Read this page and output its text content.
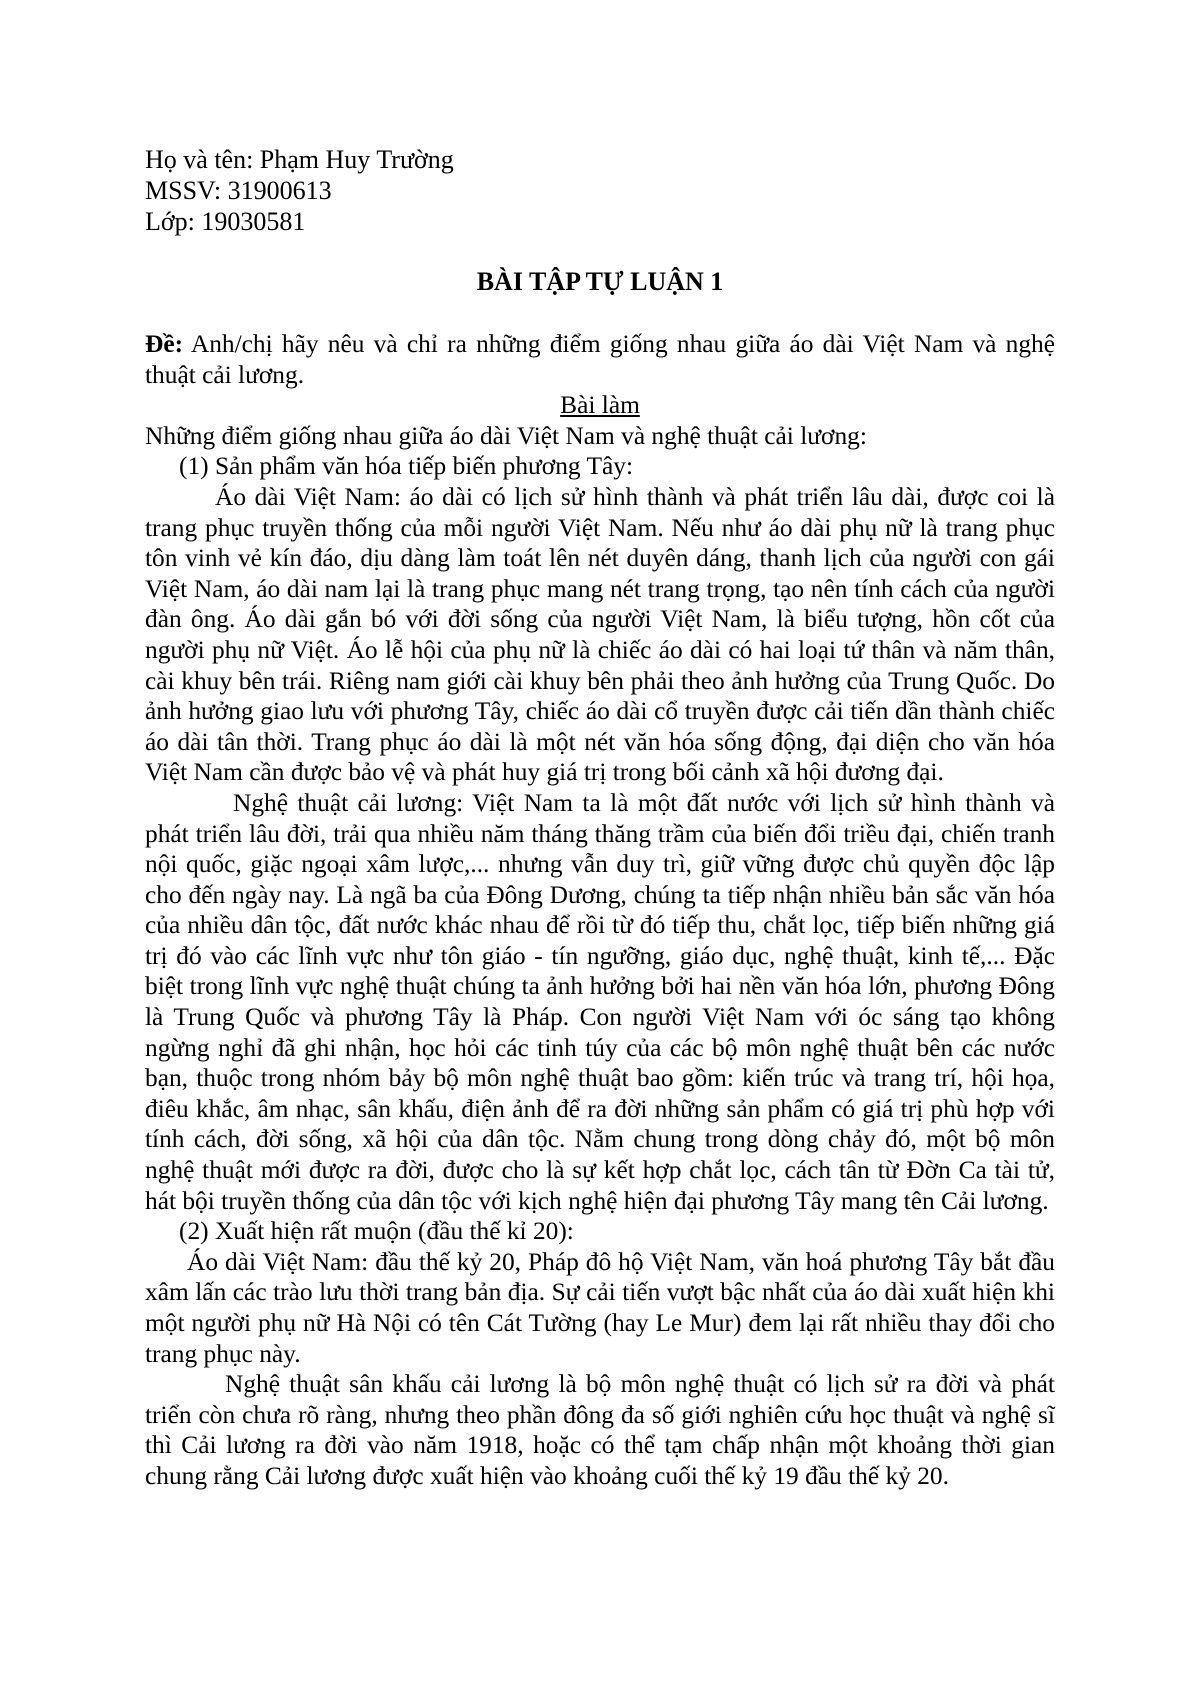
Họ và tên: Phạm Huy Trường

MSSV: 31900613

Lớp: 19030581

BÀI TẬP TỰ LUẬN 1

Đề: Anh/chị hãy nêu và chỉ ra những điểm giống nhau giữa áo dài Việt Nam và nghệ thuật cải lương.

Bài làm

Những điểm giống nhau giữa áo dài Việt Nam và nghệ thuật cải lương:

(1) Sản phẩm văn hóa tiếp biến phương Tây:

Áo dài Việt Nam: áo dài có lịch sử hình thành và phát triển lâu dài, được coi là trang phục truyền thống của mỗi người Việt Nam. Nếu như áo dài phụ nữ là trang phục tôn vinh vẻ kín đáo, dịu dàng làm toát lên nét duyên dáng, thanh lịch của người con gái Việt Nam, áo dài nam lại là trang phục mang nét trang trọng, tạo nên tính cách của người đàn ông. Áo dài gắn bó với đời sống của người Việt Nam, là biểu tượng, hồn cốt của người phụ nữ Việt. Áo lễ hội của phụ nữ là chiếc áo dài có hai loại tứ thân và năm thân, cài khuy bên trái. Riêng nam giới cài khuy bên phải theo ảnh hưởng của Trung Quốc. Do ảnh hưởng giao lưu với phương Tây, chiếc áo dài cổ truyền được cải tiến dần thành chiếc áo dài tân thời. Trang phục áo dài là một nét văn hóa sống động, đại diện cho văn hóa Việt Nam cần được bảo vệ và phát huy giá trị trong bối cảnh xã hội đương đại.

Nghệ thuật cải lương: Việt Nam ta là một đất nước với lịch sử hình thành và phát triển lâu đời, trải qua nhiều năm tháng thăng trầm của biến đổi triều đại, chiến tranh nội quốc, giặc ngoại xâm lược,... nhưng vẫn duy trì, giữ vững được chủ quyền độc lập cho đến ngày nay. Là ngã ba của Đông Dương, chúng ta tiếp nhận nhiều bản sắc văn hóa của nhiều dân tộc, đất nước khác nhau để rồi từ đó tiếp thu, chắt lọc, tiếp biến những giá trị đó vào các lĩnh vực như tôn giáo - tín ngưỡng, giáo dục, nghệ thuật, kinh tế,... Đặc biệt trong lĩnh vực nghệ thuật chúng ta ảnh hưởng bởi hai nền văn hóa lớn, phương Đông là Trung Quốc và phương Tây là Pháp. Con người Việt Nam với óc sáng tạo không ngừng nghỉ đã ghi nhận, học hỏi các tinh túy của các bộ môn nghệ thuật bên các nước bạn, thuộc trong nhóm bảy bộ môn nghệ thuật bao gồm: kiến trúc và trang trí, hội họa, điêu khắc, âm nhạc, sân khấu, điện ảnh để ra đời những sản phẩm có giá trị phù hợp với tính cách, đời sống, xã hội của dân tộc. Nằm chung trong dòng chảy đó, một bộ môn nghệ thuật mới được ra đời, được cho là sự kết hợp chắt lọc, cách tân từ Đờn Ca tài tử, hát bội truyền thống của dân tộc với kịch nghệ hiện đại phương Tây mang tên Cải lương.

(2) Xuất hiện rất muộn (đầu thế kỉ 20):

Áo dài Việt Nam: đầu thế kỷ 20, Pháp đô hộ Việt Nam, văn hoá phương Tây bắt đầu xâm lấn các trào lưu thời trang bản địa. Sự cải tiến vượt bậc nhất của áo dài xuất hiện khi một người phụ nữ Hà Nội có tên Cát Tường (hay Le Mur) đem lại rất nhiều thay đổi cho trang phục này.

Nghệ thuật sân khấu cải lương là bộ môn nghệ thuật có lịch sử ra đời và phát triển còn chưa rõ ràng, nhưng theo phần đông đa số giới nghiên cứu học thuật và nghệ sĩ thì Cải lương ra đời vào năm 1918, hoặc có thể tạm chấp nhận một khoảng thời gian chung rằng Cải lương được xuất hiện vào khoảng cuối thế kỷ 19 đầu thế kỷ 20.
